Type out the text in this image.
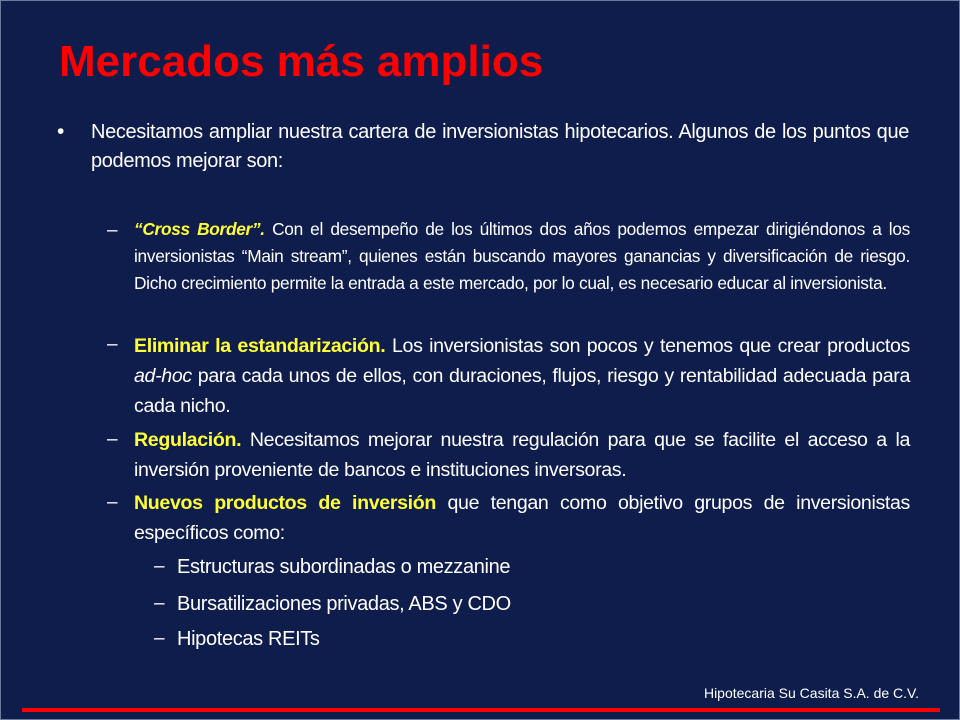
Mercados más amplios
• Necesitamos ampliar nuestra cartera de inversionistas hipotecarios. Algunos de los puntos que podemos mejorar son:

– “Cross Border”. Con el desempeño de los últimos dos años podemos empezar dirigiéndonos a los inversionistas “Main stream”, quienes están buscando mayores ganancias y diversificación de riesgo. Dicho crecimiento permite la entrada a este mercado, por lo cual, es necesario educar al inversionista.

– Eliminar la estandarización. Los inversionistas son pocos y tenemos que crear productos ad-hoc para cada unos de ellos, con duraciones, flujos, riesgo y rentabilidad adecuada para cada nicho.

– Regulación. Necesitamos mejorar nuestra regulación para que se facilite el acceso a la inversión proveniente de bancos e instituciones inversoras.

– Nuevos productos de inversión que tengan como objetivo grupos de inversionistas específicos como:

– Estructuras subordinadas o mezzanine

– Bursatilizaciones privadas, ABS y CDO

– Hipotecas REITs

Hipotecaria Su Casita S.A. de C.V.
